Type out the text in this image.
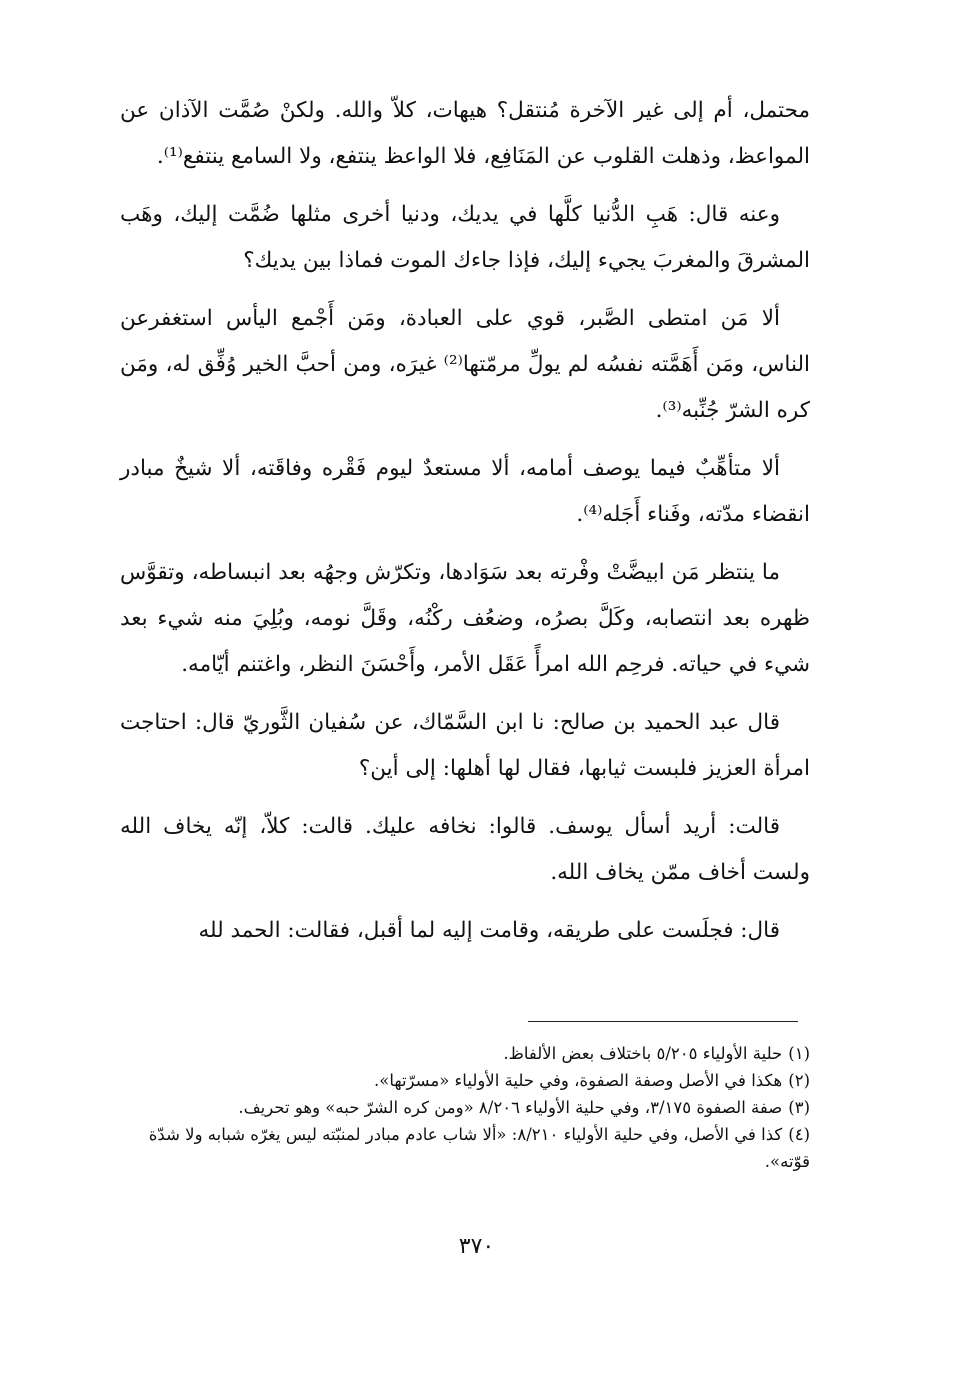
محتمل، أم إلى غير الآخرة مُنتقل؟ هيهات، كلاّ والله. ولكنْ صُمَّت الآذان عن المواعظ، وذهلت القلوب عن المَنَافِع، فلا الواعظ ينتفع، ولا السامع ينتفع⁽¹⁾.

وعنه قال: هَبِ الدُّنيا كلَّها في يديك، ودنيا أخرى مثلها ضُمَّت إليك، وهَب المشرقَ والمغربَ يجيء إليك، فإذا جاءك الموت فماذا بين يديك؟

ألا مَن امتطى الصَّبر، قوي على العبادة، ومَن أَجْمع اليأس استغفرعن الناس، ومَن أَهَمَّته نفسُه لم يولِّ مرمّتها⁽²⁾ غيرَه، ومن أحبَّ الخير وُفِّق له، ومَن كره الشرّ جُنِّبه⁽³⁾.

ألا متأهِّبٌ فيما يوصف أمامه، ألا مستعدٌ ليوم فَقْره وفاقَته، ألا شيخٌ مبادر انقضاء مدّته، وفَناء أَجَله⁽⁴⁾.

ما ينتظر مَن ابيضَّتْ وفْرته بعد سَوَادها، وتكرّش وجهُه بعد انبساطه، وتقوَّس ظهره بعد انتصابه، وكَلَّ بصرُه، وضعُف ركْنُه، وقَلَّ نومه، وبُلِيَ منه شيء بعد شيء في حياته. فرحِم الله امرأً عَقَل الأمر، وأَحْسَنَ النظر، واغتنم أيّامه.

قال عبد الحميد بن صالح: نا ابن السَّمّاك، عن سُفيان الثَّوريّ قال: احتاجت امرأة العزيز فلبست ثيابها، فقال لها أهلها: إلى أين؟

قالت: أريد أسأل يوسف. قالوا: نخافه عليك. قالت: كلاّ، إنّه يخاف الله ولست أخاف ممّن يخاف الله.

قال: فجلَست على طريقه، وقامت إليه لما أقبل، فقالت: الحمد لله

(١)حلية الأولياء ٥/٢٠٥ باختلاف بعض الألفاظ.

(٢)هكذا في الأصل وصفة الصفوة، وفي حلية الأولياء «مسرّتها».

(٣)صفة الصفوة ٣/١٧٥، وفي حلية الأولياء ٨/٢٠٦ «ومن كره الشرّ حبه» وهو تحريف.

(٤)كذا في الأصل، وفي حلية الأولياء ٨/٢١٠: «ألا شاب عادم مبادر لمنبّته ليس يغرّه شبابه ولا شدّة قوّته».

٣٧٠
